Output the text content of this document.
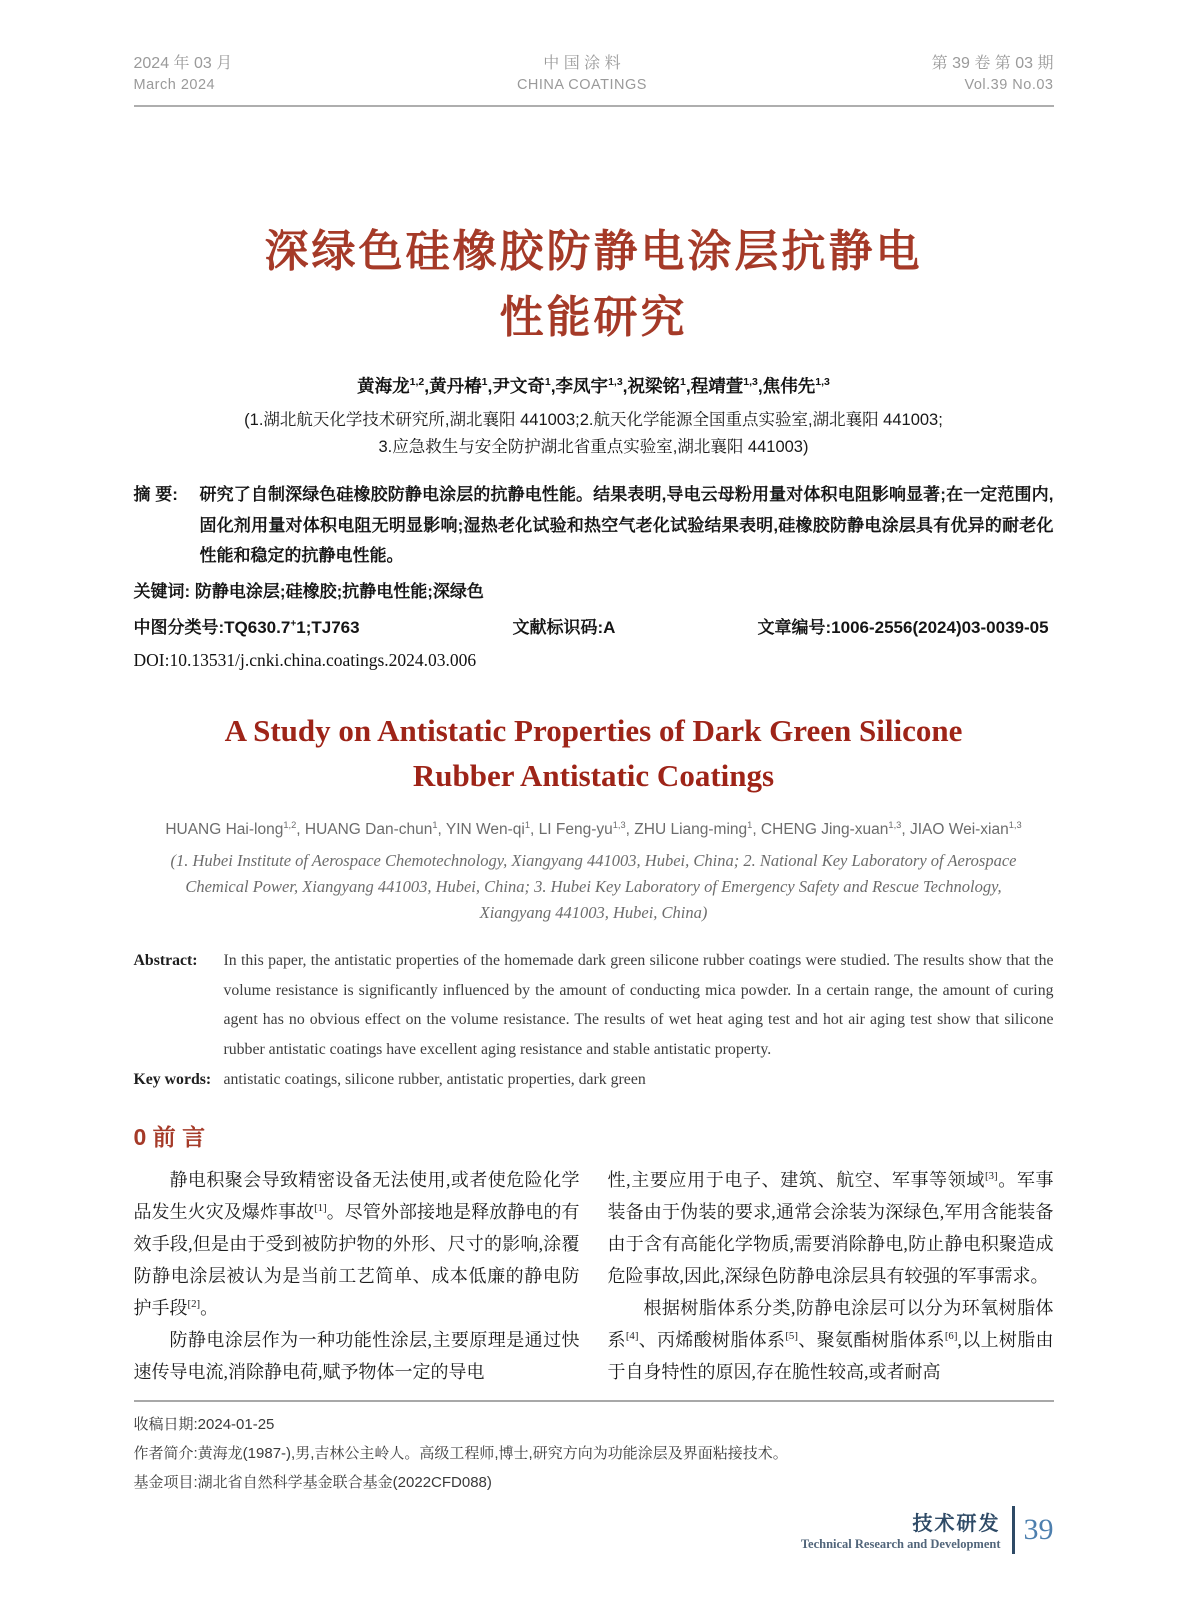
2024 年 03 月
March 2024
中 国 涂 料
CHINA COATINGS
第 39 卷 第 03 期
Vol.39 No.03
深绿色硅橡胶防静电涂层抗静电
性能研究
黄海龙$^{1,2}$,黄丹椿$^1$,尹文奇$^1$,李凤宇$^{1,3}$,祝梁铭$^1$,程靖萱$^{1,3}$,焦伟先$^{1,3}$
(1.湖北航天化学技术研究所,湖北襄阳 441003;2.航天化学能源全国重点实验室,湖北襄阳 441003;
3.应急救生与安全防护湖北省重点实验室,湖北襄阳 441003)
摘 要: 研究了自制深绿色硅橡胶防静电涂层的抗静电性能。结果表明,导电云母粉用量对体积电阻影响显著;在一定范围内,固化剂用量对体积电阻无明显影响;湿热老化试验和热空气老化试验结果表明,硅橡胶防静电涂层具有优异的耐老化性能和稳定的抗静电性能。
关键词: 防静电涂层;硅橡胶;抗静电性能;深绿色
中图分类号:TQ630.7+1;TJ763	文献标识码:A	文章编号:1006-2556(2024)03-0039-05
DOI:10.13531/j.cnki.china.coatings.2024.03.006
A Study on Antistatic Properties of Dark Green Silicone
Rubber Antistatic Coatings
HUANG Hai-long$^{1,2}$, HUANG Dan-chun$^1$, YIN Wen-$qi^1$, LI Feng-yu$^{1,3}$, ZHU Liang-ming$^1$, CHENG Jing-xuan$^{1,3}$, JIAO Wei-xian$^{1,3}$
(1. Hubei Institute of Aerospace Chemotechnology, Xiangyang 441003, Hubei, China; 2. National Key Laboratory of Aerospace
Chemical Power, Xiangyang 441003, Hubei, China; 3. Hubei Key Laboratory of Emergency Safety and Rescue Technology,
Xiangyang 441003, Hubei, China)
Abstract: In this paper, the antistatic properties of the homemade dark green silicone rubber coatings were studied. The results show that the volume resistance is significantly influenced by the amount of conducting mica powder. In a certain range, the amount of curing agent has no obvious effect on the volume resistance. The results of wet heat aging test and hot air aging test show that silicone rubber antistatic coatings have excellent aging resistance and stable antistatic property.
Key words: antistatic coatings, silicone rubber, antistatic properties, dark green
0 前 言

静电积聚会导致精密设备无法使用,或者使危险化学品发生火灾及爆炸事故[1]。尽管外部接地是释放静电的有效手段,但是由于受到被防护物的外形、尺寸的影响,涂覆防静电涂层被认为是当前工艺简单、成本低廉的静电防护手段[2]。

防静电涂层作为一种功能性涂层,主要原理是通过快速传导电流,消除静电荷,赋予物体一定的导电

性,主要应用于电子、建筑、航空、军事等领域[3]。军事装备由于伪装的要求,通常会涂装为深绿色,军用含能装备由于含有高能化学物质,需要消除静电,防止静电积聚造成危险事故,因此,深绿色防静电涂层具有较强的军事需求。

根据树脂体系分类,防静电涂层可以分为环氧树脂体系[4]、丙烯酸树脂体系[5]、聚氨酯树脂体系[6],以上树脂由于自身特性的原因,存在脆性较高,或者耐高

收稿日期:2024-01-25
作者简介:黄海龙(1987-),男,吉林公主岭人。高级工程师,博士,研究方向为功能涂层及界面粘接技术。
基金项目:湖北省自然科学基金联合基金(2022CFD088)
技术研发
Technical Research and Development 39
